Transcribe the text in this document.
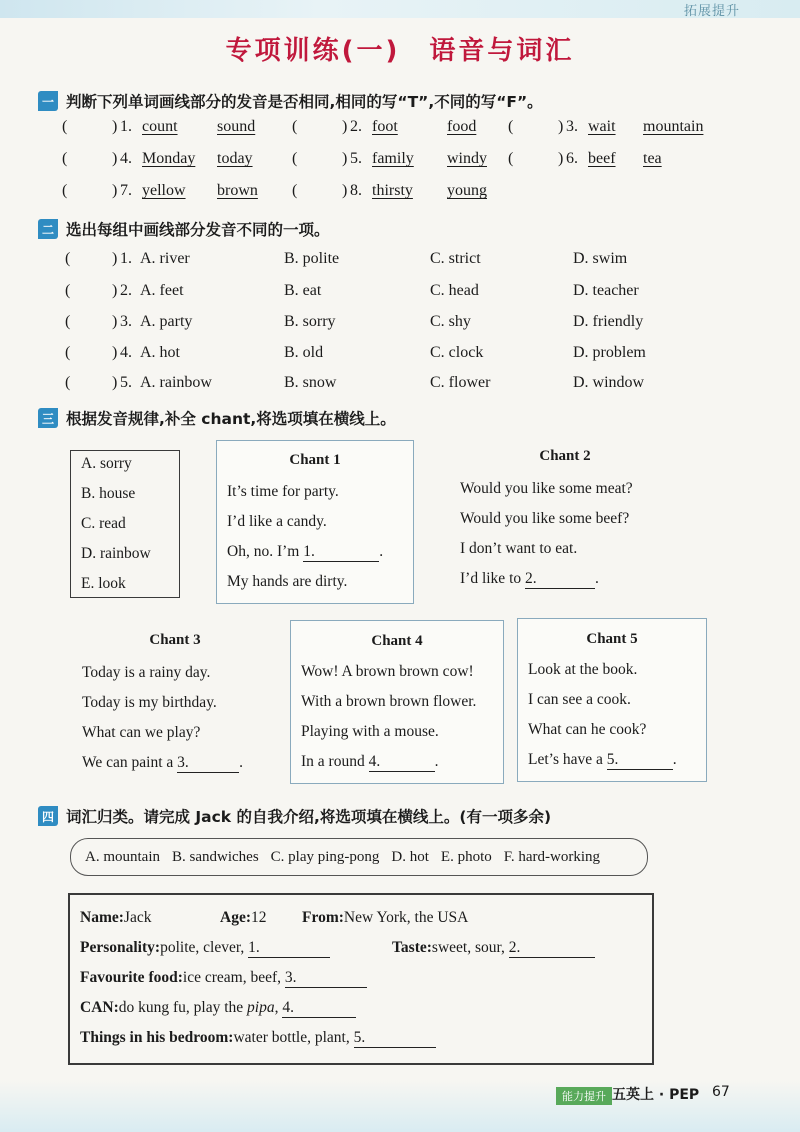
拓展提升
专项训练(一)　语音与词汇
一 判断下列单词画线部分的发音是否相同,相同的写“T”,不同的写“F”。
(	) 1. count sound (	) 2. foot	food (	) 3. wait mountain
(	) 4. Monday today (	) 5. family windy (	) 6. beef tea
(	) 7. yellow brown (	) 8. thirsty young
二 选出每组中画线部分发音不同的一项。
(	) 1. A. river	B. polite	C. strict	D. swim
(	) 2. A. feet	B. eat	C. head	D. teacher
(	) 3. A. party	B. sorry	C. shy	D. friendly
(	) 4. A. hot	B. old	C. clock	D. problem
(	) 5. A. rainbow	B. snow	C. flower	D. window
三 根据发音规律,补全 chant,将选项填在横线上。
A. sorry
B. house
C. read
D. rainbow
E. look
Chant 1
It’s time for party.
I’d like a candy.
Oh, no. I’m 1.	.
My hands are dirty.
Chant 2
Would you like some meat?
Would you like some beef?
I don’t want to eat.
I’d like to 2.	.
Chant 3
Today is a rainy day.
Today is my birthday.
What can we play?
We can paint a 3.	.
Chant 4
Wow! A brown brown cow!
With a brown brown flower.
Playing with a mouse.
In a round 4.	.
Chant 5
Look at the book.
I can see a cook.
What can he cook?
Let’s have a 5.	.
四 词汇归类。请完成 Jack 的自我介绍,将选项填在横线上。(有一项多余)
A. mountain B. sandwiches C. play ping-pong D. hot E. photo F. hard-working
Name:Jack	Age:12 From:New York, the USA
Personality:polite, clever, 1.	Taste:sweet, sour, 2.
Favourite food:ice cream, beef, 3.
CAN:do kung fu, play the pipa, 4.
Things in his bedroom:water bottle, plant, 5.
能力提升 五英上 · PEP 67
